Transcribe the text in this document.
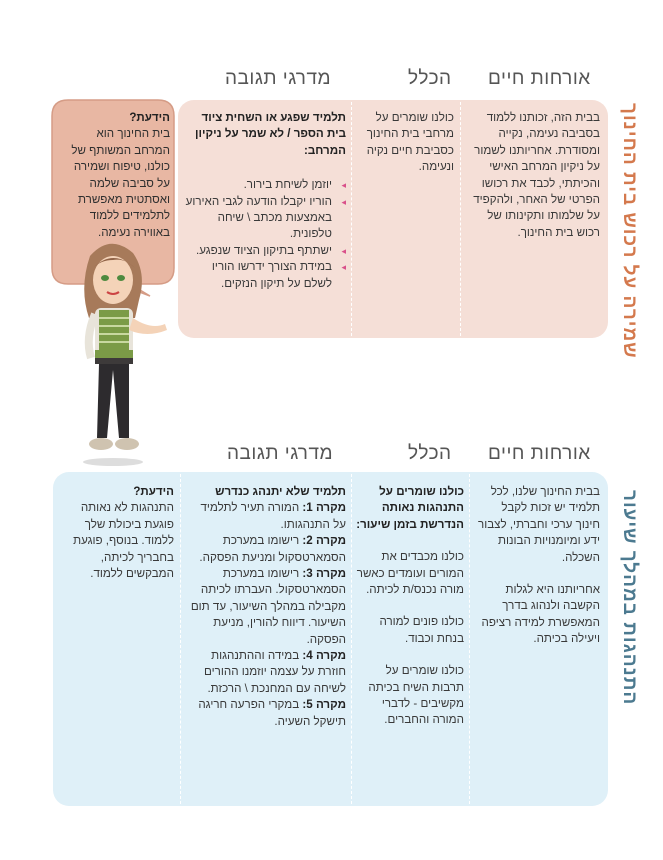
אורחות חיים
הכלל
מדרגי תגובה
בבית הזה, זכותנו ללמוד בסביבה נעימה, נקייה ומסודרת. אחריותנו לשמור על ניקיון המרחב האישי והכיתתי, לכבד את רכושו הפרטי של האחר, ולהקפיד על שלמותו ותקינותו של רכוש בית החינוך.
כולנו שומרים על מרחבי בית החינוך כסביבת חיים נקיה ונעימה.
תלמיד שפגע או השחית ציוד בית הספר / לא שמר על ניקיון המרחב:
◂ יוזמן לשיחת בירור.
◂ הוריו יקבלו הודעה לגבי האירוע באמצעות מכתב \ שיחה טלפונית.
◂ ישתתף בתיקון הציוד שנפגע.
◂ במידת הצורך ידרשו הוריו לשלם על תיקון הנזקים.	שמירה על רכוש בית החינוך
הידעת?
בית החינוך הוא המרחב המשותף של כולנו, טיפוח ושמירה על סביבה שלמה ואסתטית מאפשרת לתלמידים ללמוד באווירה נעימה.
אורחות חיים
הכלל
מדרגי תגובה
בבית החינוך שלנו, לכל תלמיד יש זכות לקבל חינוך ערכי וחברתי, לצבור ידע ומיומנויות הבונות השכלה.
אחריותנו היא לגלות הקשבה ולנהוג בדרך המאפשרת למידה רציפה ויעילה בכיתה.
כולנו שומרים על התנהגות נאותה הנדרשת בזמן שיעור:
כולנו מכבדים את המורים ועומדים כאשר מורה נכנס/ת לכיתה.
כולנו פונים למורה בנחת וכבוד.
כולנו שומרים על תרבות השיח בכיתה מקשיבים - לדברי המורה והחברים.
תלמיד שלא יתנהג כנדרש
מקרה 1: המורה תעיר לתלמיד על התנהגותו.
מקרה 2: רישומו במערכת הסמארטסקול ומניעת הפסקה.
מקרה 3: רישומו במערכת הסמארטסקול. העברתו לכיתה מקבילה במהלך השיעור, עד תום השיעור. דיווח להורין, מניעת הפסקה.
מקרה 4: במידה וההתנהגות חוזרת על עצמה יוזמנו ההורים לשיחה עם המחנכת \ הרכזת.
מקרה 5: במקרי הפרעה חריגה תישקל השעיה.
הידעת?
התנהגות לא נאותה פוגעת ביכולת שלך ללמוד. בנוסף, פוגעת בחבריך לכיתה, המבקשים ללמוד.	התנהגות במהלך שיעור
